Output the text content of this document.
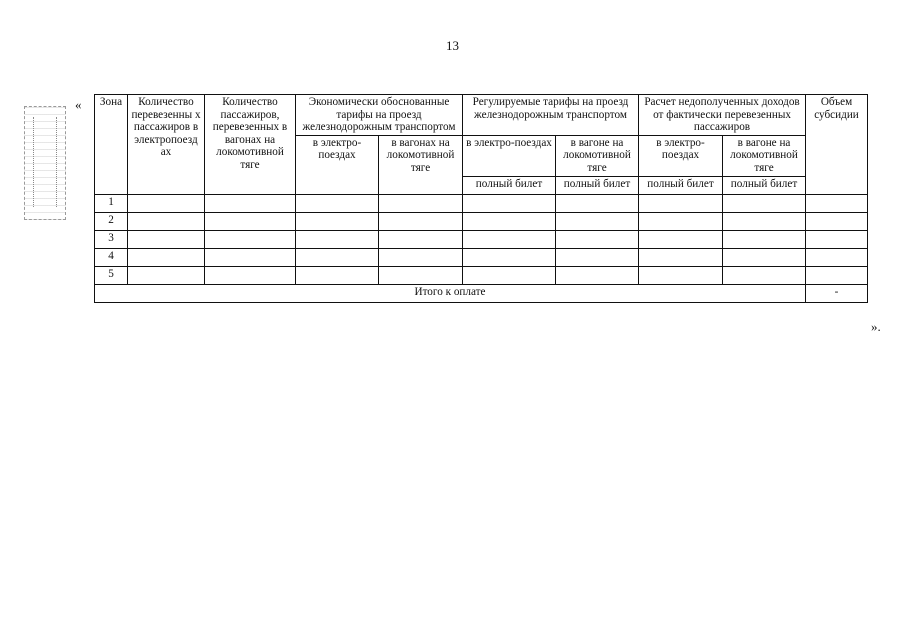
13
«
».
Зона	Количество перевезенны х пассажиров в электропоезд ах	Количество пассажиров, перевезенных в вагонах на локомотивной тяге	Экономически обоснованные тарифы на проезд железнодорожным транспортом		Регулируемые тарифы на проезд железнодорожным транспортом		Расчет недополученных доходов от фактически перевезенных пассажиров		Объем субсидии
			в электро-поездах	в вагонах на локомотивной тяге	в электро-поездах	в вагоне на локомотивной тяге	в электро-поездах	в вагоне на локомотивной тяге	
					полный билет	полный билет	полный билет	полный билет	
1									
2									
3									
4									
5									
Итого к оплате									-
